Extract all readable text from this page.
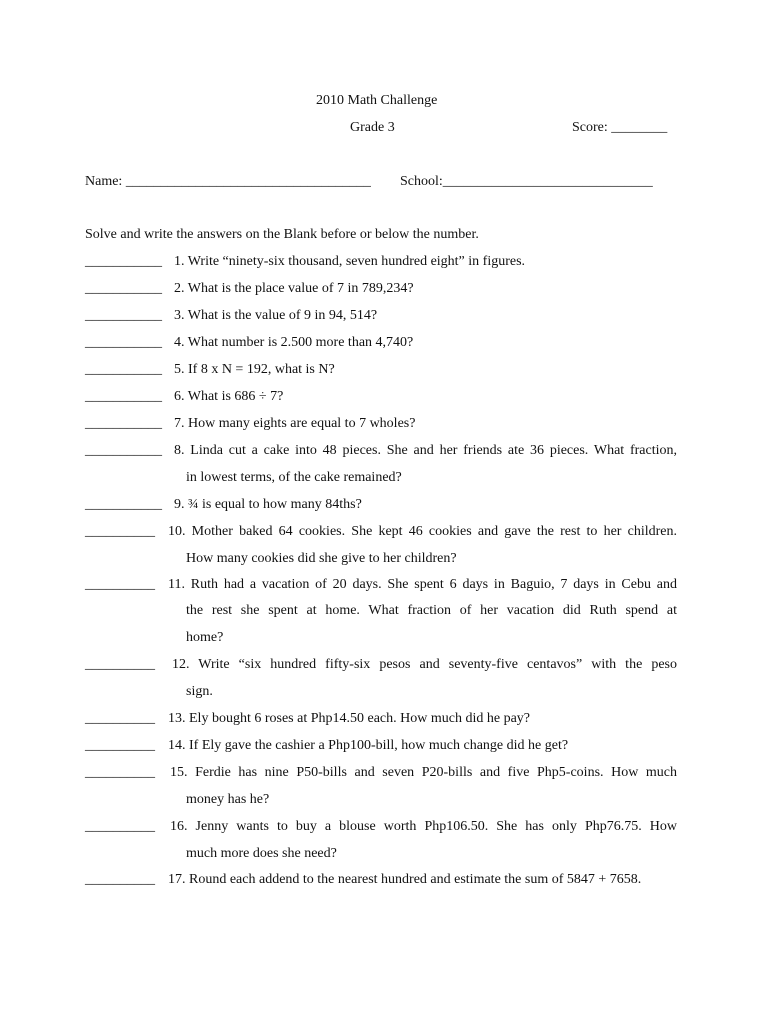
2010 Math Challenge
Grade 3	Score: ________
Name: ___________________________________ School:______________________________
Solve and write the answers on the Blank before or below the number.
___________ 1. Write “ninety-six thousand, seven hundred eight” in figures.
___________ 2. What is the place value of 7 in 789,234?
___________ 3. What is the value of 9 in 94, 514?
___________ 4. What number is 2.500 more than 4,740?
___________ 5. If 8 x N = 192, what is N?
___________ 6. What is 686 ÷ 7?
___________ 7. How many eights are equal to 7 wholes?
___________ 8. Linda cut a cake into 48 pieces. She and her friends ate 36 pieces. What fraction,
in lowest terms, of the cake remained?
___________ 9. ¾ is equal to how many 84ths?
__________ 10. Mother baked 64 cookies. She kept 46 cookies and gave the rest to her children.
How many cookies did she give to her children?
__________ 11. Ruth had a vacation of 20 days. She spent 6 days in Baguio, 7 days in Cebu and
the rest she spent at home. What fraction of her vacation did Ruth spend at
home?
__________ 12. Write “six hundred fifty-six pesos and seventy-five centavos” with the peso
sign.
__________ 13. Ely bought 6 roses at Php14.50 each. How much did he pay?
__________ 14. If Ely gave the cashier a Php100-bill, how much change did he get?
__________ 15. Ferdie has nine P50-bills and seven P20-bills and five Php5-coins. How much
money has he?
__________ 16. Jenny wants to buy a blouse worth Php106.50. She has only Php76.75. How
much more does she need?
__________ 17. Round each addend to the nearest hundred and estimate the sum of 5847 + 7658.
